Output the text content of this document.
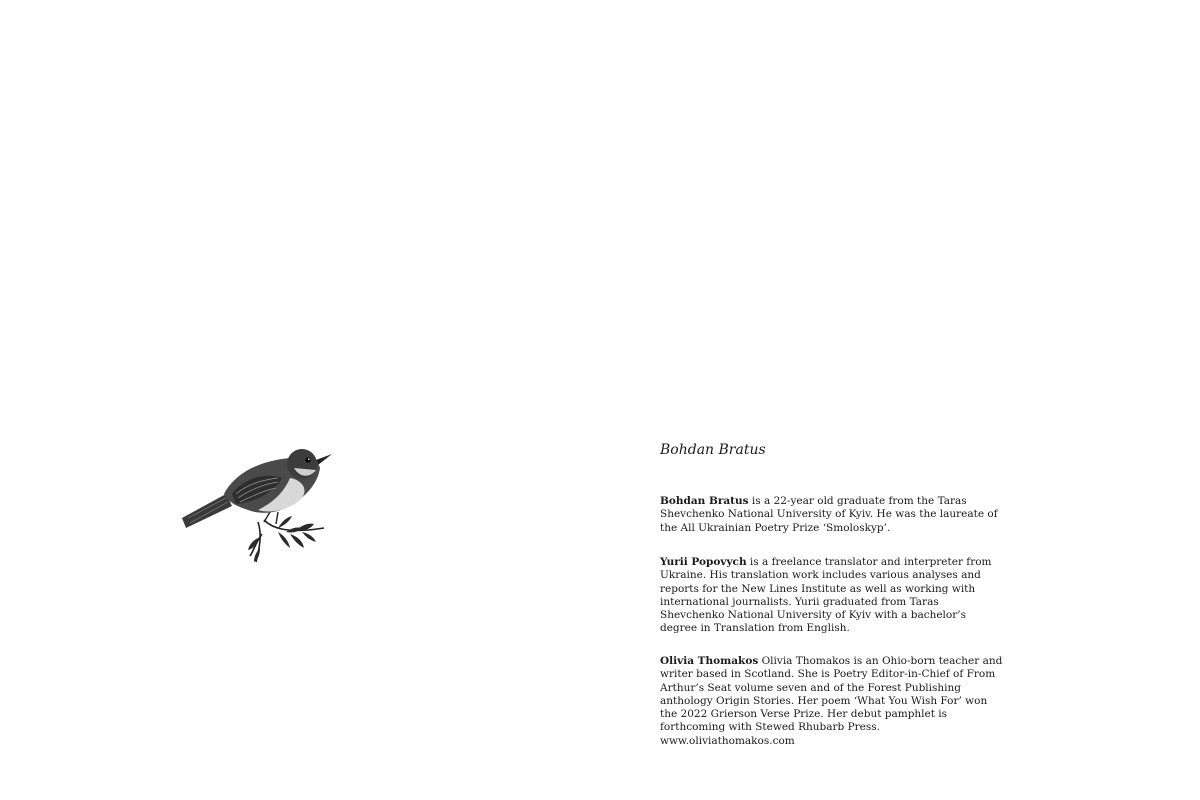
Bohdan Bratus

Bohdan Bratus is a 22-year old graduate from the Taras Shevchenko National University of Kyiv. He was the laureate of the All Ukrainian Poetry Prize ‘Smoloskyp’.

Yurii Popovych is a freelance translator and interpreter from Ukraine. His translation work includes various analyses and reports for the New Lines Institute as well as working with international journalists. Yurii graduated from Taras Shevchenko National University of Kyiv with a bachelor’s degree in Translation from English.

Olivia Thomakos Olivia Thomakos is an Ohio-born teacher and writer based in Scotland. She is Poetry Editor-in-Chief of From Arthur’s Seat volume seven and of the Forest Publishing anthology Origin Stories. Her poem ‘What You Wish For’ won the 2022 Grierson Verse Prize. Her debut pamphlet is forthcoming with Stewed Rhubarb Press. www.oliviathomakos.com
